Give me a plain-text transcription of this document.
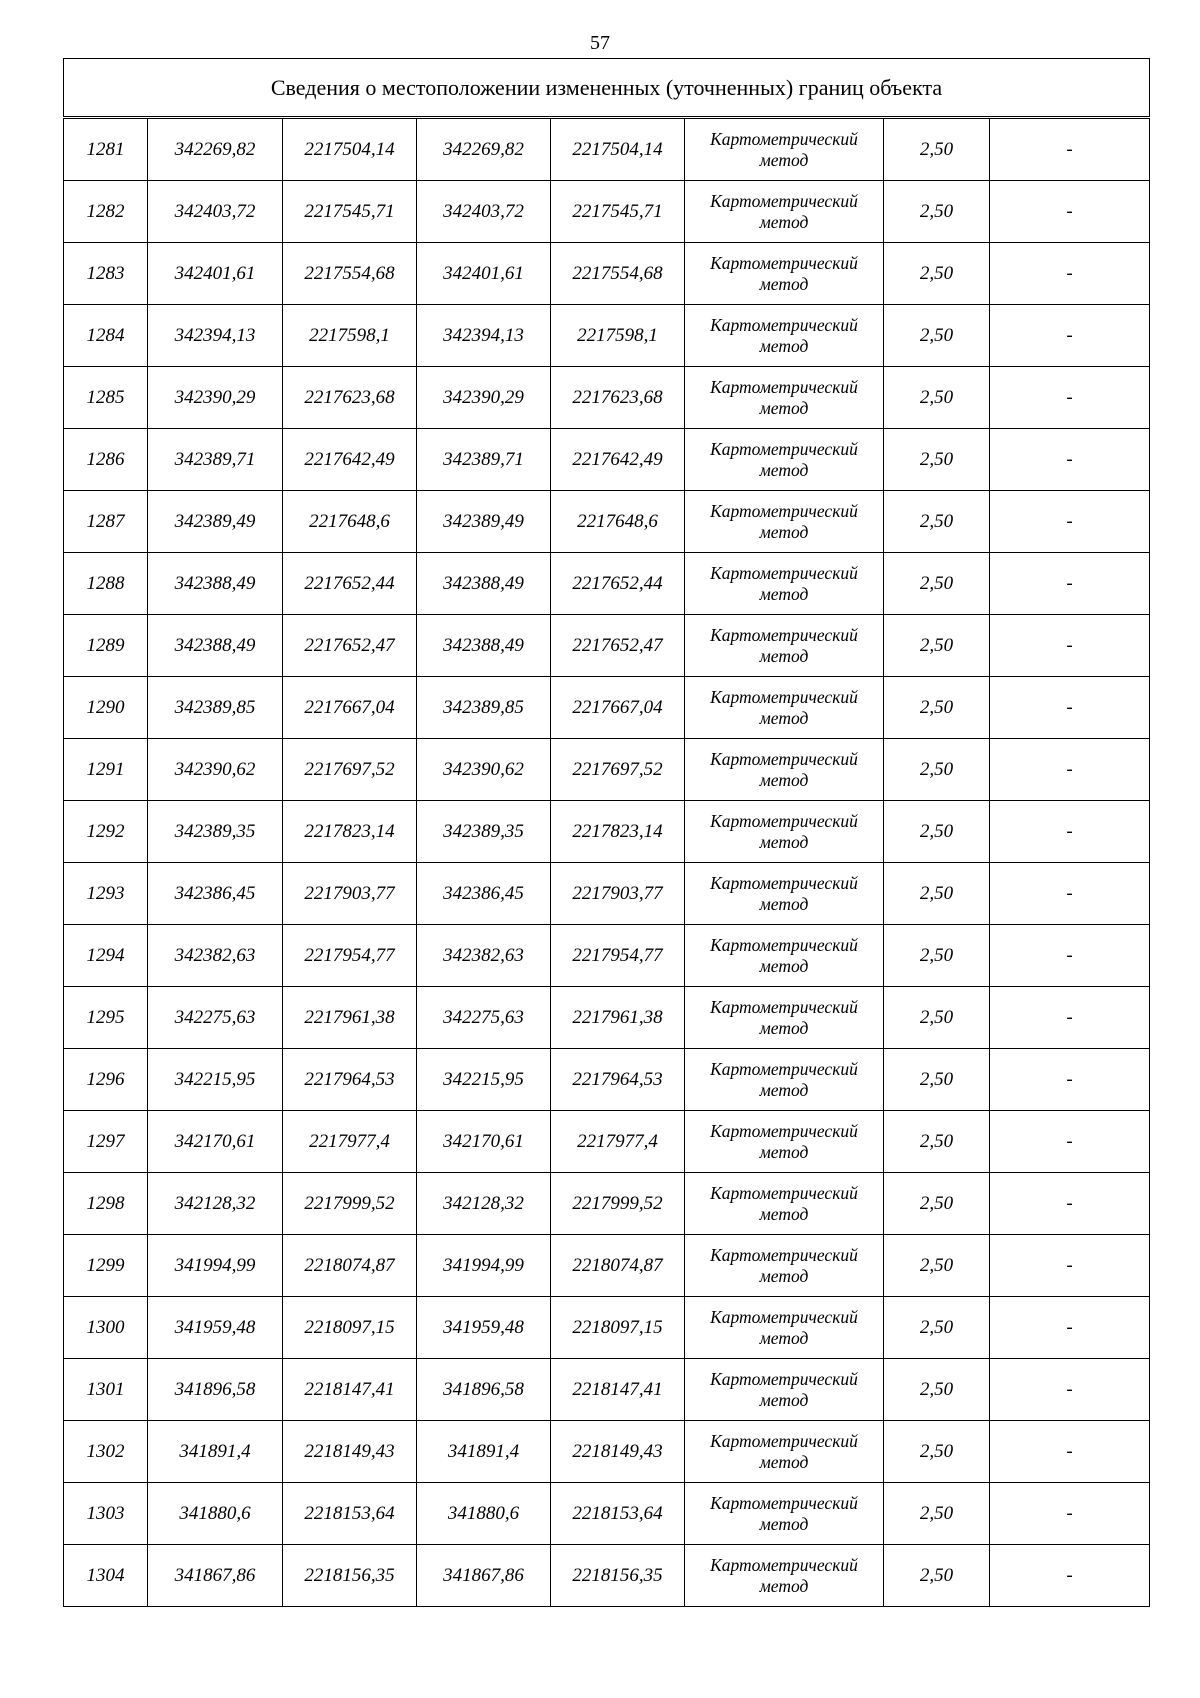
57
Сведения о местоположении измененных (уточненных) границ объекта							
1281	342269,82	2217504,14	342269,82	2217504,14	Картометрический
метод	2,50	-
1282	342403,72	2217545,71	342403,72	2217545,71	Картометрический
метод	2,50	-
1283	342401,61	2217554,68	342401,61	2217554,68	Картометрический
метод	2,50	-
1284	342394,13	2217598,1	342394,13	2217598,1	Картометрический
метод	2,50	-
1285	342390,29	2217623,68	342390,29	2217623,68	Картометрический
метод	2,50	-
1286	342389,71	2217642,49	342389,71	2217642,49	Картометрический
метод	2,50	-
1287	342389,49	2217648,6	342389,49	2217648,6	Картометрический
метод	2,50	-
1288	342388,49	2217652,44	342388,49	2217652,44	Картометрический
метод	2,50	-
1289	342388,49	2217652,47	342388,49	2217652,47	Картометрический
метод	2,50	-
1290	342389,85	2217667,04	342389,85	2217667,04	Картометрический
метод	2,50	-
1291	342390,62	2217697,52	342390,62	2217697,52	Картометрический
метод	2,50	-
1292	342389,35	2217823,14	342389,35	2217823,14	Картометрический
метод	2,50	-
1293	342386,45	2217903,77	342386,45	2217903,77	Картометрический
метод	2,50	-
1294	342382,63	2217954,77	342382,63	2217954,77	Картометрический
метод	2,50	-
1295	342275,63	2217961,38	342275,63	2217961,38	Картометрический
метод	2,50	-
1296	342215,95	2217964,53	342215,95	2217964,53	Картометрический
метод	2,50	-
1297	342170,61	2217977,4	342170,61	2217977,4	Картометрический
метод	2,50	-
1298	342128,32	2217999,52	342128,32	2217999,52	Картометрический
метод	2,50	-
1299	341994,99	2218074,87	341994,99	2218074,87	Картометрический
метод	2,50	-
1300	341959,48	2218097,15	341959,48	2218097,15	Картометрический
метод	2,50	-
1301	341896,58	2218147,41	341896,58	2218147,41	Картометрический
метод	2,50	-
1302	341891,4	2218149,43	341891,4	2218149,43	Картометрический
метод	2,50	-
1303	341880,6	2218153,64	341880,6	2218153,64	Картометрический
метод	2,50	-
1304	341867,86	2218156,35	341867,86	2218156,35	Картометрический
метод	2,50	-
